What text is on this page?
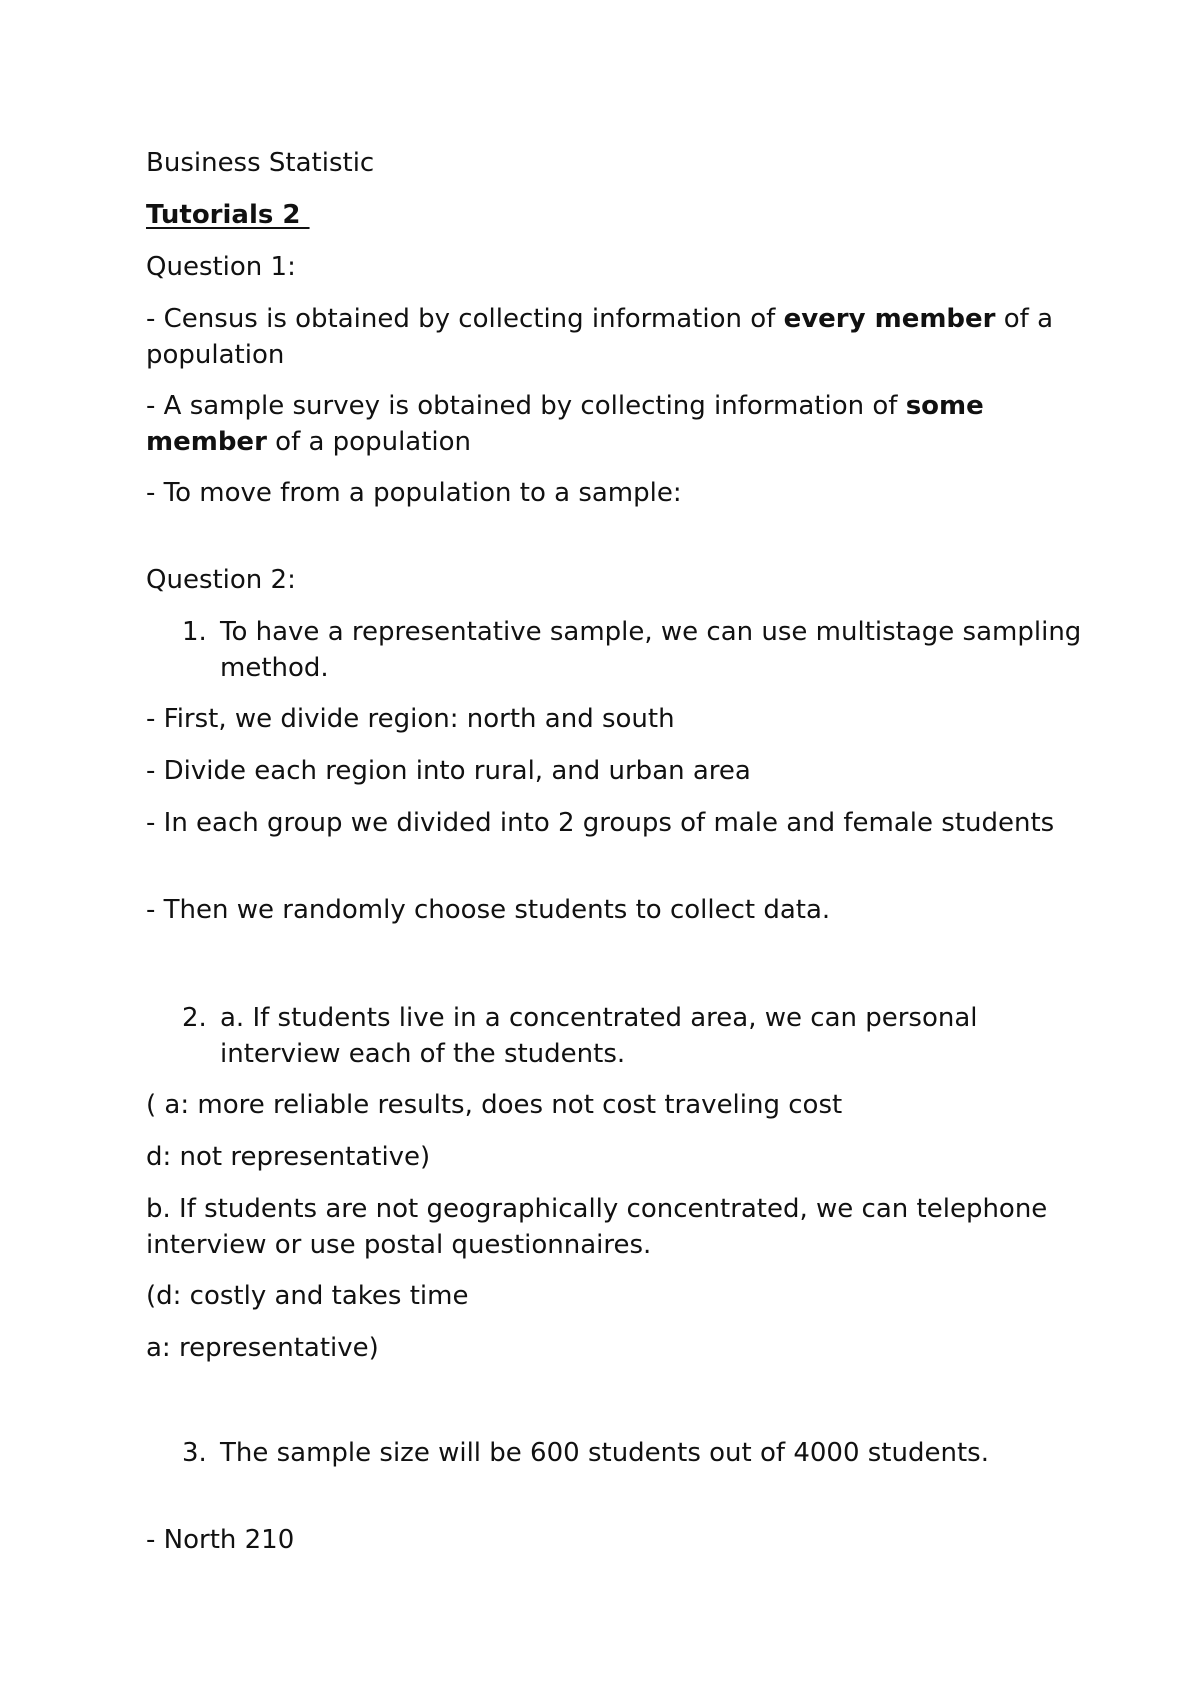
Business Statistic
Tutorials 2
Question 1:
- Census is obtained by collecting information of every member of a population
- A sample survey is obtained by collecting information of some member of a population
- To move from a population to a sample:
Question 2:
1. To have a representative sample, we can use multistage sampling method.
- First, we divide region: north and south
- Divide each region into rural, and urban area
- In each group we divided into 2 groups of male and female students
- Then we randomly choose students to collect data.
2. a. If students live in a concentrated area, we can personal interview each of the students.
( a: more reliable results, does not cost traveling cost
d: not representative)
b. If students are not geographically concentrated, we can telephone interview or use postal questionnaires.
(d: costly and takes time
a: representative)
3. The sample size will be 600 students out of 4000 students.
- North 210
